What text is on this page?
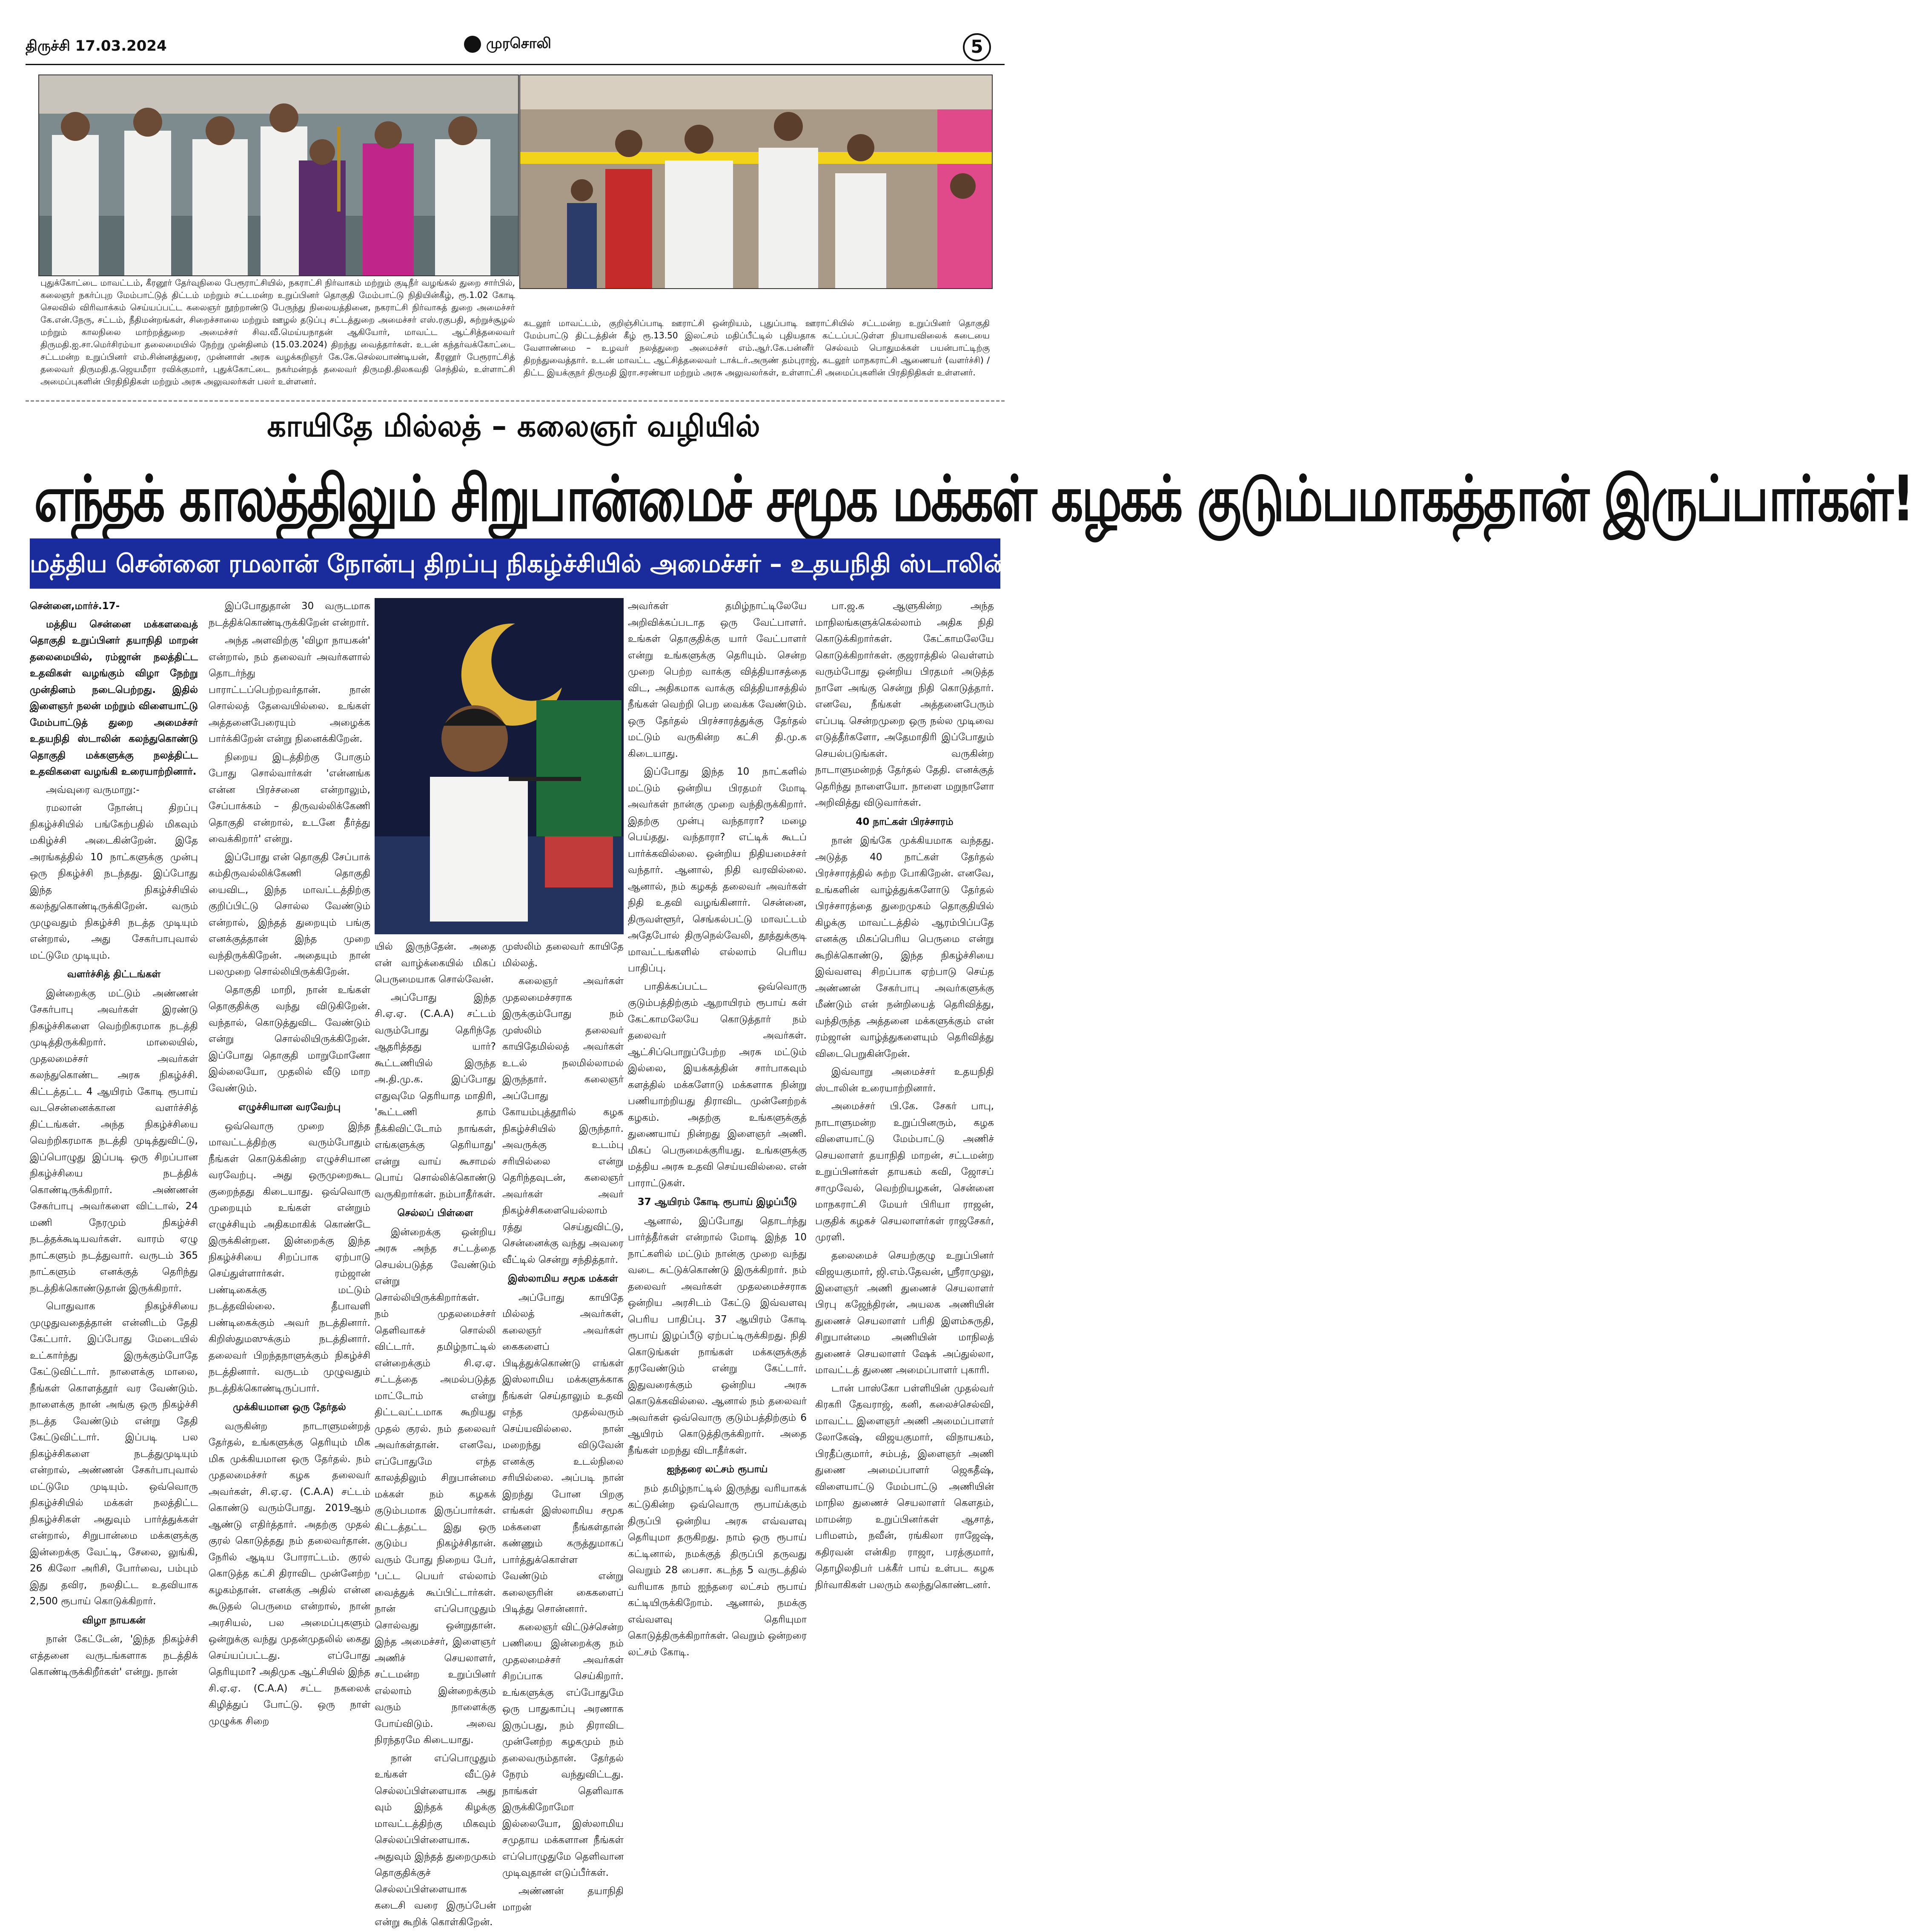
திருச்சி 17.03.2024	முரசொலி	5
புதுக்கோட்டை மாவட்டம், கீரனூர் தேர்வுநிலை பேரூராட்சியில், நகராட்சி நிர்வாகம் மற்றும் குடிநீர் வழங்கல் துறை சார்பில், கலைஞர் நகர்ப்புற மேம்பாட்டுத் திட்டம் மற்றும் சட்டமன்ற உறுப்பினர் தொகுதி மேம்பாட்டு நிதியின்கீழ், ரூ.1.02 கோடி செலவில் விரிவாக்கம் செய்யப்பட்ட கலைஞர் நூற்றாண்டு பேருந்து நிலையத்தினை, நகராட்சி நிர்வாகத் துறை அமைச்சர் கே.என்.நேரு, சட்டம், நீதிமன்றங்கள், சிறைச்சாலை மற்றும் ஊழல் தடுப்பு சட்டத்துறை அமைச்சர் எஸ்.ரகுபதி, சுற்றுச்சூழல் மற்றும் காலநிலை மாற்றத்துறை அமைச்சர் சிவ.வீ.மெய்யநாதன் ஆகியோர், மாவட்ட ஆட்சித்தலைவர் திருமதி.ஐ.சா.மெர்சிரம்யா தலைமையில் நேற்று முன்தினம் (15.03.2024) திறந்து வைத்தார்கள். உடன் கந்தர்வக்கோட்டை சட்டமன்ற உறுப்பினர் எம்.சின்னத்துரை, முன்னாள் அரசு வழக்கறிஞர் கே.கே.செல்லபாண்டியன், கீரனூர் பேரூராட்சித் தலைவர் திருமதி.த.ஜெயமீரா ரவிக்குமார், புதுக்கோட்டை நகர்மன்றத் தலைவர் திருமதி.திலகவதி செந்தில், உள்ளாட்சி அமைப்புகளின் பிரதிநிதிகள் மற்றும் அரசு அலுவலர்கள் பலர் உள்ளனர்.
கடலூர் மாவட்டம், குறிஞ்சிப்பாடி ஊராட்சி ஒன்றியம், புதுப்பாடி ஊராட்சியில் சட்டமன்ற உறுப்பினர் தொகுதி மேம்பாட்டு திட்டத்தின் கீழ் ரூ.13.50 இலட்சம் மதிப்பீட்டில் புதியதாக கட்டப்பட்டுள்ள நியாயவிலைக் கடையை வேளாண்மை – உழவர் நலத்துறை அமைச்சர் எம்.ஆர்.கே.பன்னீர் செல்வம் பொதுமக்கள் பயன்பாட்டிற்கு திறந்துவைத்தார். உடன் மாவட்ட ஆட்சித்தலைவர் டாக்டர்.அருண் தம்புராஜ், கடலூர் மாநகராட்சி ஆணையர் (வளர்ச்சி) / திட்ட இயக்குநர் திருமதி இரா.சரண்யா மற்றும் அரசு அலுவலர்கள், உள்ளாட்சி அமைப்புகளின் பிரதிநிதிகள் உள்ளனர்.
காயிதே மில்லத் – கலைஞர் வழியில்
எந்தக் காலத்திலும் சிறுபான்மைச் சமூக மக்கள் கழகக் குடும்பமாகத்தான் இருப்பார்கள்!
மத்திய சென்னை ரமலான் நோன்பு திறப்பு நிகழ்ச்சியில் அமைச்சர் – உதயநிதி ஸ்டாலின் நெகிழ்ச்சி!

சென்னை,மார்ச்.17-

மத்திய சென்னை மக்களவைத் தொகுதி உறுப்பினர் தயாநிதி மாறன் தலைமையில், ரம்ஜான் நலத்திட்ட உதவிகள் வழங்கும் விழா நேற்று முன்தினம் நடைபெற்றது. இதில் இளைஞர் நலன் மற்றும் விளையாட்டு மேம்பாட்டுத் துறை அமைச்சர் உதயநிதி ஸ்டாலின் கலந்துகொண்டு தொகுதி மக்களுக்கு நலத்திட்ட உதவிகளை வழங்கி உரையாற்றினார்.

அவ்வுரை வருமாறு:-

ரமலான் நோன்பு திறப்பு நிகழ்ச்சியில் பங்கேற்பதில் மிகவும் மகிழ்ச்சி அடைகின்றேன். இதே அரங்கத்தில் 10 நாட்களுக்கு முன்பு ஒரு நிகழ்ச்சி நடந்தது. இப்போது இந்த நிகழ்ச்சியில் கலந்துகொண்டிருக்கிறேன். வரும் முழுவதும் நிகழ்ச்சி நடத்த முடியும் என்றால், அது சேகர்பாபுவால் மட்டுமே முடியும்.

வளர்ச்சித் திட்டங்கள்

இன்றைக்கு மட்டும் அண்ணன் சேகர்பாபு அவர்கள் இரண்டு நிகழ்ச்சிகளை வெற்றிகரமாக நடத்தி முடித்திருக்கிறார். மாலையில், முதலமைச்சர் அவர்கள் கலந்துகொண்ட அரசு நிகழ்ச்சி. கிட்டத்தட்ட 4 ஆயிரம் கோடி ரூபாய் வடசென்னைக்கான வளர்ச்சித் திட்டங்கள். அந்த நிகழ்ச்சியை வெற்றிகரமாக நடத்தி முடித்துவிட்டு, இப்பொழுது இப்படி ஒரு சிறப்பான நிகழ்ச்சியை நடத்திக் கொண்டிருக்கிறார். அண்ணன் சேகர்பாபு அவர்களை விட்டால், 24 மணி நேரமும் நிகழ்ச்சி நடத்தக்கூடியவர்கள். வாரம் ஏழு நாட்களும் நடத்துவார். வருடம் 365 நாட்களும் எனக்குத் தெரிந்து நடத்திக்கொண்டுதான் இருக்கிறார்.

பொதுவாக நிகழ்ச்சியை முழுதுவதைத்தான் என்னிடம் தேதி கேட்பார். இப்போது மேடையில் உட்கார்ந்து இருக்கும்போதே கேட்டுவிட்டார். நாளைக்கு மாலை, நீங்கள் கொளத்தூர் வர வேண்டும். நாளைக்கு நான் அங்கு ஒரு நிகழ்ச்சி நடத்த வேண்டும் என்று தேதி கேட்டுவிட்டார். இப்படி பல நிகழ்ச்சிகளை நடத்துமுடியும் என்றால், அண்ணன் சேகர்பாபுவால் மட்டுமே முடியும். ஒவ்வொரு நிகழ்ச்சியில் மக்கள் நலத்திட்ட நிகழ்ச்சிகள் அதுவும் பார்த்துக்கள் என்றால், சிறுபான்மை மக்களுக்கு இன்றைக்கு வேட்டி, சேலை, லுங்கி, 26 கிலோ அரிசி, போர்வை, பம்பும் இது தவிர, நலதிட்ட உதவியாக 2,500 ரூபாய் கொடுக்கிறார்.

விழா நாயகன்

நான் கேட்டேன், 'இந்த நிகழ்ச்சி எத்தனை வருடங்களாக நடத்திக் கொண்டிருக்கிறீர்கள்' என்று. நான்

இப்போதுதான் 30 வருடமாக நடத்திக்கொண்டிருக்கிறேன் என்றார்.

அந்த அளவிற்கு 'விழா நாயகன்' என்றால், நம் தலைவர் அவர்களால் தொடர்ந்து பாராட்டப்பெற்றவர்தான். நான் சொல்லத் தேவையில்லை. உங்கள் அத்தனைபேரையும் அழைக்க பார்க்கிறேன் என்று நினைக்கிறேன்.

நிறைய இடத்திற்கு போகும் போது சொல்வார்கள் 'என்னங்க என்ன பிரச்சனை என்றாலும், சேப்பாக்கம் – திருவல்லிக்கேணி தொகுதி என்றால், உடனே தீர்த்து வைக்கிறார்' என்று.

இப்போது என் தொகுதி சேப்பாக் கம்திருவல்லிக்கேணி தொகுதி யைவிட, இந்த மாவட்டத்திற்கு குறிப்பிட்டு சொல்ல வேண்டும் என்றால், இந்தத் துறையும் பங்கு எனக்குத்தான் இந்த முறை வந்திருக்கிறேன். அதையும் நான் பலமுறை சொல்லியிருக்கிறேன்.

தொகுதி மாறி, நான் உங்கள் தொகுதிக்கு வந்து விடுகிறேன். வந்தால், கொடுத்துவிட வேண்டும் என்று சொல்லியிருக்கிறேன். இப்போது தொகுதி மாறுமோனோ இல்லையோ, முதலில் வீடு மாற வேண்டும்.

எழுச்சியான வரவேற்பு

ஒவ்வொரு முறை இந்த மாவட்டத்திற்கு வரும்போதும் நீங்கள் கொடுக்கின்ற எழுச்சியான வரவேற்பு. அது ஒருமுறைகூட குறைந்தது கிடையாது. ஒவ்வொரு முறையும் உங்கள் என்றும் எழுச்சியும் அதிகமாகிக் கொண்டே இருக்கின்றன. இன்றைக்கு இந்த நிகழ்ச்சியை சிறப்பாக ஏற்பாடு செய்துள்ளார்கள். ரம்ஜான் பண்டிகைக்கு மட்டும் நடத்தவில்லை. தீபாவளி பண்டிகைக்கும் அவர் நடத்தினார். கிறிஸ்துமஸுக்கும் நடத்தினார். தலைவர் பிறந்தநாளுக்கும் நிகழ்ச்சி நடத்தினார். வருடம் முழுவதும் நடத்திக்கொண்டிருப்பார்.

முக்கியமான ஒரு தேர்தல்

வருகின்ற நாடாளுமன்றத் தேர்தல், உங்களுக்கு தெரியும் மிக மிக முக்கியமான ஒரு தேர்தல். நம் முதலமைச்சர் கழக தலைவர் அவர்கள், சி.ஏ.ஏ. (C.A.A) சட்டம் கொண்டு வரும்போது. 2019ஆம் ஆண்டு எதிர்த்தார். அதற்கு முதல் குரல் கொடுத்தது நம் தலைவர்தான். நேரில் ஆடிய போராட்டம். குரல் கொடுத்த கட்சி திராவிட முன்னேற்ற கழகம்தான். எனக்கு அதில் என்ன கூடுதல் பெருமை என்றால், நான் அரசியல், பல அமைப்புகளும் ஒன்றுக்கு வந்து முதன்முதலில் கைது செய்யப்பட்டது. எப்போது தெரியுமா? அதிமுக ஆட்சியில் இந்த சி.ஏ.ஏ. (C.A.A) சட்ட நகலைக் கிழித்துப் போட்டு. ஒரு நாள் முழுக்க சிறை

யில் இருந்தேன். அதை என் வாழ்க்கையில் மிகப் பெருமையாக சொல்வேன்.

அப்போது இந்த சி.ஏ.ஏ. (C.A.A) சட்டம் வரும்போது தெரிந்தே ஆதரித்தது யார்? கூட்டணியில் இருந்த அ.தி.மு.க. இப்போது எதுவுமே தெரியாத மாதிரி, 'கூட்டணி தாம் நீக்கிவிட்டோம் நாங்கள், எங்களுக்கு தெரியாது' என்று வாய் கூசாமல் பொய் சொல்லிக்கொண்டு வருகிறார்கள். நம்பாதீர்கள்.

செல்லப் பிள்ளை

இன்றைக்கு ஒன்றிய அரசு அந்த சட்டத்தை செயல்படுத்த வேண்டும் என்று சொல்லியிருக்கிறார்கள். நம் முதலமைச்சர் தெளிவாகச் சொல்லி விட்டார். தமிழ்நாட்டில் என்றைக்கும் சி.ஏ.ஏ. சட்டத்தை அமல்படுத்த மாட்டோம் என்று திட்டவட்டமாக கூறியது முதல் குரல். நம் தலைவர் அவர்கள்தான். எனவே, எப்போதுமே எந்த காலத்திலும் சிறுபான்மை மக்கள் நம் கழகக் குடும்பமாக இருப்பார்கள். கிட்டத்தட்ட இது ஒரு குடும்ப நிகழ்ச்சிதான். வரும் போது நிறைய பேர், 'பட்ட பெயர் எல்லாம் வைத்துக் கூப்பிட்டார்கள். நான் எப்பொழுதும் சொல்வது ஒன்றுதான். இந்த அமைச்சர், இளைஞர் அணிச் செயலாளர், சட்டமன்ற உறுப்பினர் எல்லாம் இன்றைக்கும் வரும் நாளைக்கு போய்விடும். அவை நிரந்தரமே கிடையாது.

நான் எப்பொழுதும் உங்கள் வீட்டுச் செல்லப்பிள்ளையாக அது வும் இந்தக் கிழக்கு மாவட்டத்திற்கு மிகவும் செல்லப்பிள்ளையாக. அதுவும் இந்தத் துறைமுகம் தொகுதிக்குச் செல்லப்பிள்ளையாக கடைசி வரை இருப்பேன் என்று கூறிக் கொள்கிறேன்.

முஸ்லிம் தலைவர் காயிதே மில்லத்.

கலைஞர் அவர்கள் முதலமைச்சராக இருக்கும்போது நம் முஸ்லிம் தலைவர் காயிதேமில்லத் அவர்கள் உடல் நலமில்லாமல் இருந்தார். கலைஞர் அப்போது கோயம்புத்தூரில் கழக நிகழ்ச்சியில் இருந்தார். அவருக்கு உடம்பு சரியில்லை என்று தெரிந்தவுடன், கலைஞர் அவர்கள் அவர் நிகழ்ச்சிகளையெல்லாம் ரத்து செய்துவிட்டு, சென்னைக்கு வந்து அவரை வீட்டில் சென்று சந்தித்தார்.

இஸ்லாமிய சமூக மக்கள்

அப்போது காயிதே மில்லத் அவர்கள், கலைஞர் அவர்கள் கைகளைப் பிடித்துக்கொண்டு எங்கள் இஸ்லாமிய மக்களுக்காக நீங்கள் செய்தாலும் உதவி எந்த முதல்வரும் செய்யவில்லை. நான் மறைந்து விடுவேன் எனக்கு உடல்நிலை சரியில்லை. அப்படி நான் இறந்து போன பிறகு எங்கள் இஸ்லாமிய சமூக மக்களை நீங்கள்தான் கண்ணும் கருத்துமாகப் பார்த்துக்கொள்ள வேண்டும் என்று கலைஞரின் கைகளைப் பிடித்து சொன்னார்.

கலைஞர் விட்டுச்சென்ற பணியை இன்றைக்கு நம் முதலமைச்சர் அவர்கள் சிறப்பாக செய்கிறார். உங்களுக்கு எப்போதுமே ஒரு பாதுகாப்பு அரணாக இருப்பது, நம் திராவிட முன்னேற்ற கழகமும் நம் தலைவரும்தான். தேர்தல் நேரம் வந்துவிட்டது. நாங்கள் தெளிவாக இருக்கிறோமோ இல்லையோ, இஸ்லாமிய சமுதாய மக்களான நீங்கள் எப்பொழுதுமே தெளிவான முடிவுதான் எடுப்பீர்கள்.

அண்ணன் தயாநிதி மாறன்

அவர்கள் தமிழ்நாட்டிலேயே அறிவிக்கப்படாத ஒரு வேட்பாளர். உங்கள் தொகுதிக்கு யார் வேட்பாளர் என்று உங்களுக்கு தெரியும். சென்ற முறை பெற்ற வாக்கு வித்தியாசத்தை விட, அதிகமாக வாக்கு வித்தியாசத்தில் நீங்கள் வெற்றி பெற வைக்க வேண்டும். ஒரு தேர்தல் பிரச்சாரத்துக்கு தேர்தல் மட்டும் வருகின்ற கட்சி தி.மு.க கிடையாது.

இப்போது இந்த 10 நாட்களில் மட்டும் ஒன்றிய பிரதமர் மோடி அவர்கள் நான்கு முறை வந்திருக்கிறார். இதற்கு முன்பு வந்தாரா? மழை பெய்தது. வந்தாரா? எட்டிக் கூடப் பார்க்கவில்லை. ஒன்றிய நிதியமைச்சர் வந்தார். ஆனால், நிதி வரவில்லை. ஆனால், நம் கழகத் தலைவர் அவர்கள் நிதி உதவி வழங்கினார். சென்னை, திருவள்ளூர், செங்கல்பட்டு மாவட்டம் அதேபோல் திருநெல்வேலி, தூத்துக்குடி மாவட்டங்களில் எல்லாம் பெரிய பாதிப்பு.

பாதிக்கப்பட்ட ஒவ்வொரு குடும்பத்திற்கும் ஆறாயிரம் ரூபாய் கள் கேட்காமலேயே கொடுத்தார் நம் தலைவர் அவர்கள். ஆட்சிப்பொறுப்பேற்ற அரசு மட்டும் இல்லை, இயக்கத்தின் சார்பாகவும் களத்தில் மக்களோடு மக்களாக நின்று பணியாற்றியது திராவிட முன்னேற்றக் கழகம். அதற்கு உங்களுக்குத் துணையாய் நின்றது இளைஞர் அணி. மிகப் பெருமைக்குரியது. உங்களுக்கு மத்திய அரசு உதவி செய்யவில்லை. என் பாராட்டுகள்.

37 ஆயிரம் கோடி ரூபாய் இழப்பீடு

ஆனால், இப்போது தொடர்ந்து பார்த்தீர்கள் என்றால் மோடி இந்த 10 நாட்களில் மட்டும் நான்கு முறை வந்து வடை சுட்டுக்கொண்டு இருக்கிறார். நம் தலைவர் அவர்கள் முதலமைச்சராக ஒன்றிய அரசிடம் கேட்டு இவ்வளவு பெரிய பாதிப்பு. 37 ஆயிரம் கோடி ரூபாய் இழப்பீடு ஏற்பட்டிருக்கிறது. நிதி கொடுங்கள் நாங்கள் மக்களுக்குத் தரவேண்டும் என்று கேட்டார். இதுவரைக்கும் ஒன்றிய அரசு கொடுக்கவில்லை. ஆனால் நம் தலைவர் அவர்கள் ஒவ்வொரு குடும்பத்திற்கும் 6 ஆயிரம் கொடுத்திருக்கிறார். அதை நீங்கள் மறந்து விடாதீர்கள்.

ஐந்தரை லட்சம் ரூபாய்

நம் தமிழ்நாட்டில் இருந்து வரியாகக் கட்டுகின்ற ஒவ்வொரு ரூபாய்க்கும் திருப்பி ஒன்றிய அரசு எவ்வளவு தெரியுமா தருகிறது. நாம் ஒரு ரூபாய் கட்டினால், நமக்குத் திருப்பி தருவது வெறும் 28 பைசா. கடந்த 5 வருடத்தில் வரியாக நாம் ஐந்தரை லட்சம் ரூபாய் கட்டியிருக்கிறோம். ஆனால், நமக்கு எவ்வளவு தெரியுமா கொடுத்திருக்கிறார்கள். வெறும் ஒன்றரை லட்சம் கோடி.

பா.ஜ.க ஆளுகின்ற அந்த மாநிலங்களுக்கெல்லாம் அதிக நிதி கொடுக்கிறார்கள். கேட்காமலேயே கொடுக்கிறார்கள். குஜராத்தில் வெள்ளம் வரும்போது ஒன்றிய பிரதமர் அடுத்த நாளே அங்கு சென்று நிதி கொடுத்தார். எனவே, நீங்கள் அத்தனைபேரும் எப்படி சென்றமுறை ஒரு நல்ல முடிவை எடுத்தீர்களோ, அதேமாதிரி இப்போதும் செயல்படுங்கள். வருகின்ற நாடாளுமன்றத் தேர்தல் தேதி. எனக்குத் தெரிந்து நாளையோ. நாளை மறுநாளோ அறிவித்து விடுவார்கள்.

40 நாட்கள் பிரச்சாரம்

நான் இங்கே முக்கியமாக வந்தது. அடுத்த 40 நாட்கள் தேர்தல் பிரச்சாரத்தில் சுற்ற போகிறேன். எனவே, உங்களின் வாழ்த்துக்களோடு தேர்தல் பிரச்சாரத்தை துறைமுகம் தொகுதியில் கிழக்கு மாவட்டத்தில் ஆரம்பிப்பதே எனக்கு மிகப்பெரிய பெருமை என்று கூறிக்கொண்டு, இந்த நிகழ்ச்சியை இவ்வளவு சிறப்பாக ஏற்பாடு செய்த அண்ணன் சேகர்பாபு அவர்களுக்கு மீண்டும் என் நன்றியைத் தெரிவித்து, வந்திருந்த அத்தனை மக்களுக்கும் என் ரம்ஜான் வாழ்த்துகளையும் தெரிவித்து விடைபெறுகின்றேன்.

இவ்வாறு அமைச்சர் உதயநிதி ஸ்டாலின் உரையாற்றினார்.

அமைச்சர் பி.கே. சேகர் பாபு, நாடாளுமன்ற உறுப்பினரும், கழக விளையாட்டு மேம்பாட்டு அணிச் செயலாளர் தயாநிதி மாறன், சட்டமன்ற உறுப்பினர்கள் தாயகம் கவி, ஜோசப் சாமுவேல், வெற்றியழகன், சென்னை மாநகராட்சி மேயர் பிரியா ராஜன், பகுதிக் கழகச் செயலாளர்கள் ராஜசேகர், முரளி.

தலைமைச் செயற்குழு உறுப்பினர் விஜயகுமார், ஜி.எம்.தேவன், ஸ்ரீராமுலு, இளைஞர் அணி துணைச் செயலாளர் பிரபு கஜேந்திரன், அயலக அணியின் துணைச் செயலாளர் பரிதி இளம்சுருதி, சிறுபான்மை அணியின் மாநிலத் துணைச் செயலாளர் ஷேக் அப்துல்லா, மாவட்டத் துணை அமைப்பாளர் புகாரி.

டான் பாஸ்கோ பள்ளியின் முதல்வர் கிரகரி தேவராஜ், கனி, கலைச்செல்வி, மாவட்ட இளைஞர் அணி அமைப்பாளர் லோகேஷ், விஜயகுமார், விநாயகம், பிரதீப்குமார், சம்பத், இளைஞர் அணி துணை அமைப்பாளர் ஜெகதீஷ், விளையாட்டு மேம்பாட்டு அணியின் மாநில துணைச் செயலாளர் கௌதம், மாமன்ற உறுப்பினர்கள் ஆசாத், பரிமளம், நவீன், ரங்கிலா ராஜேஷ், கதிரவன் என்கிற ராஜா, பரத்குமார், தொழிலதிபர் பக்கீர் பாய் உள்பட கழக நிர்வாகிகள் பலரும் கலந்துகொண்டனர்.
